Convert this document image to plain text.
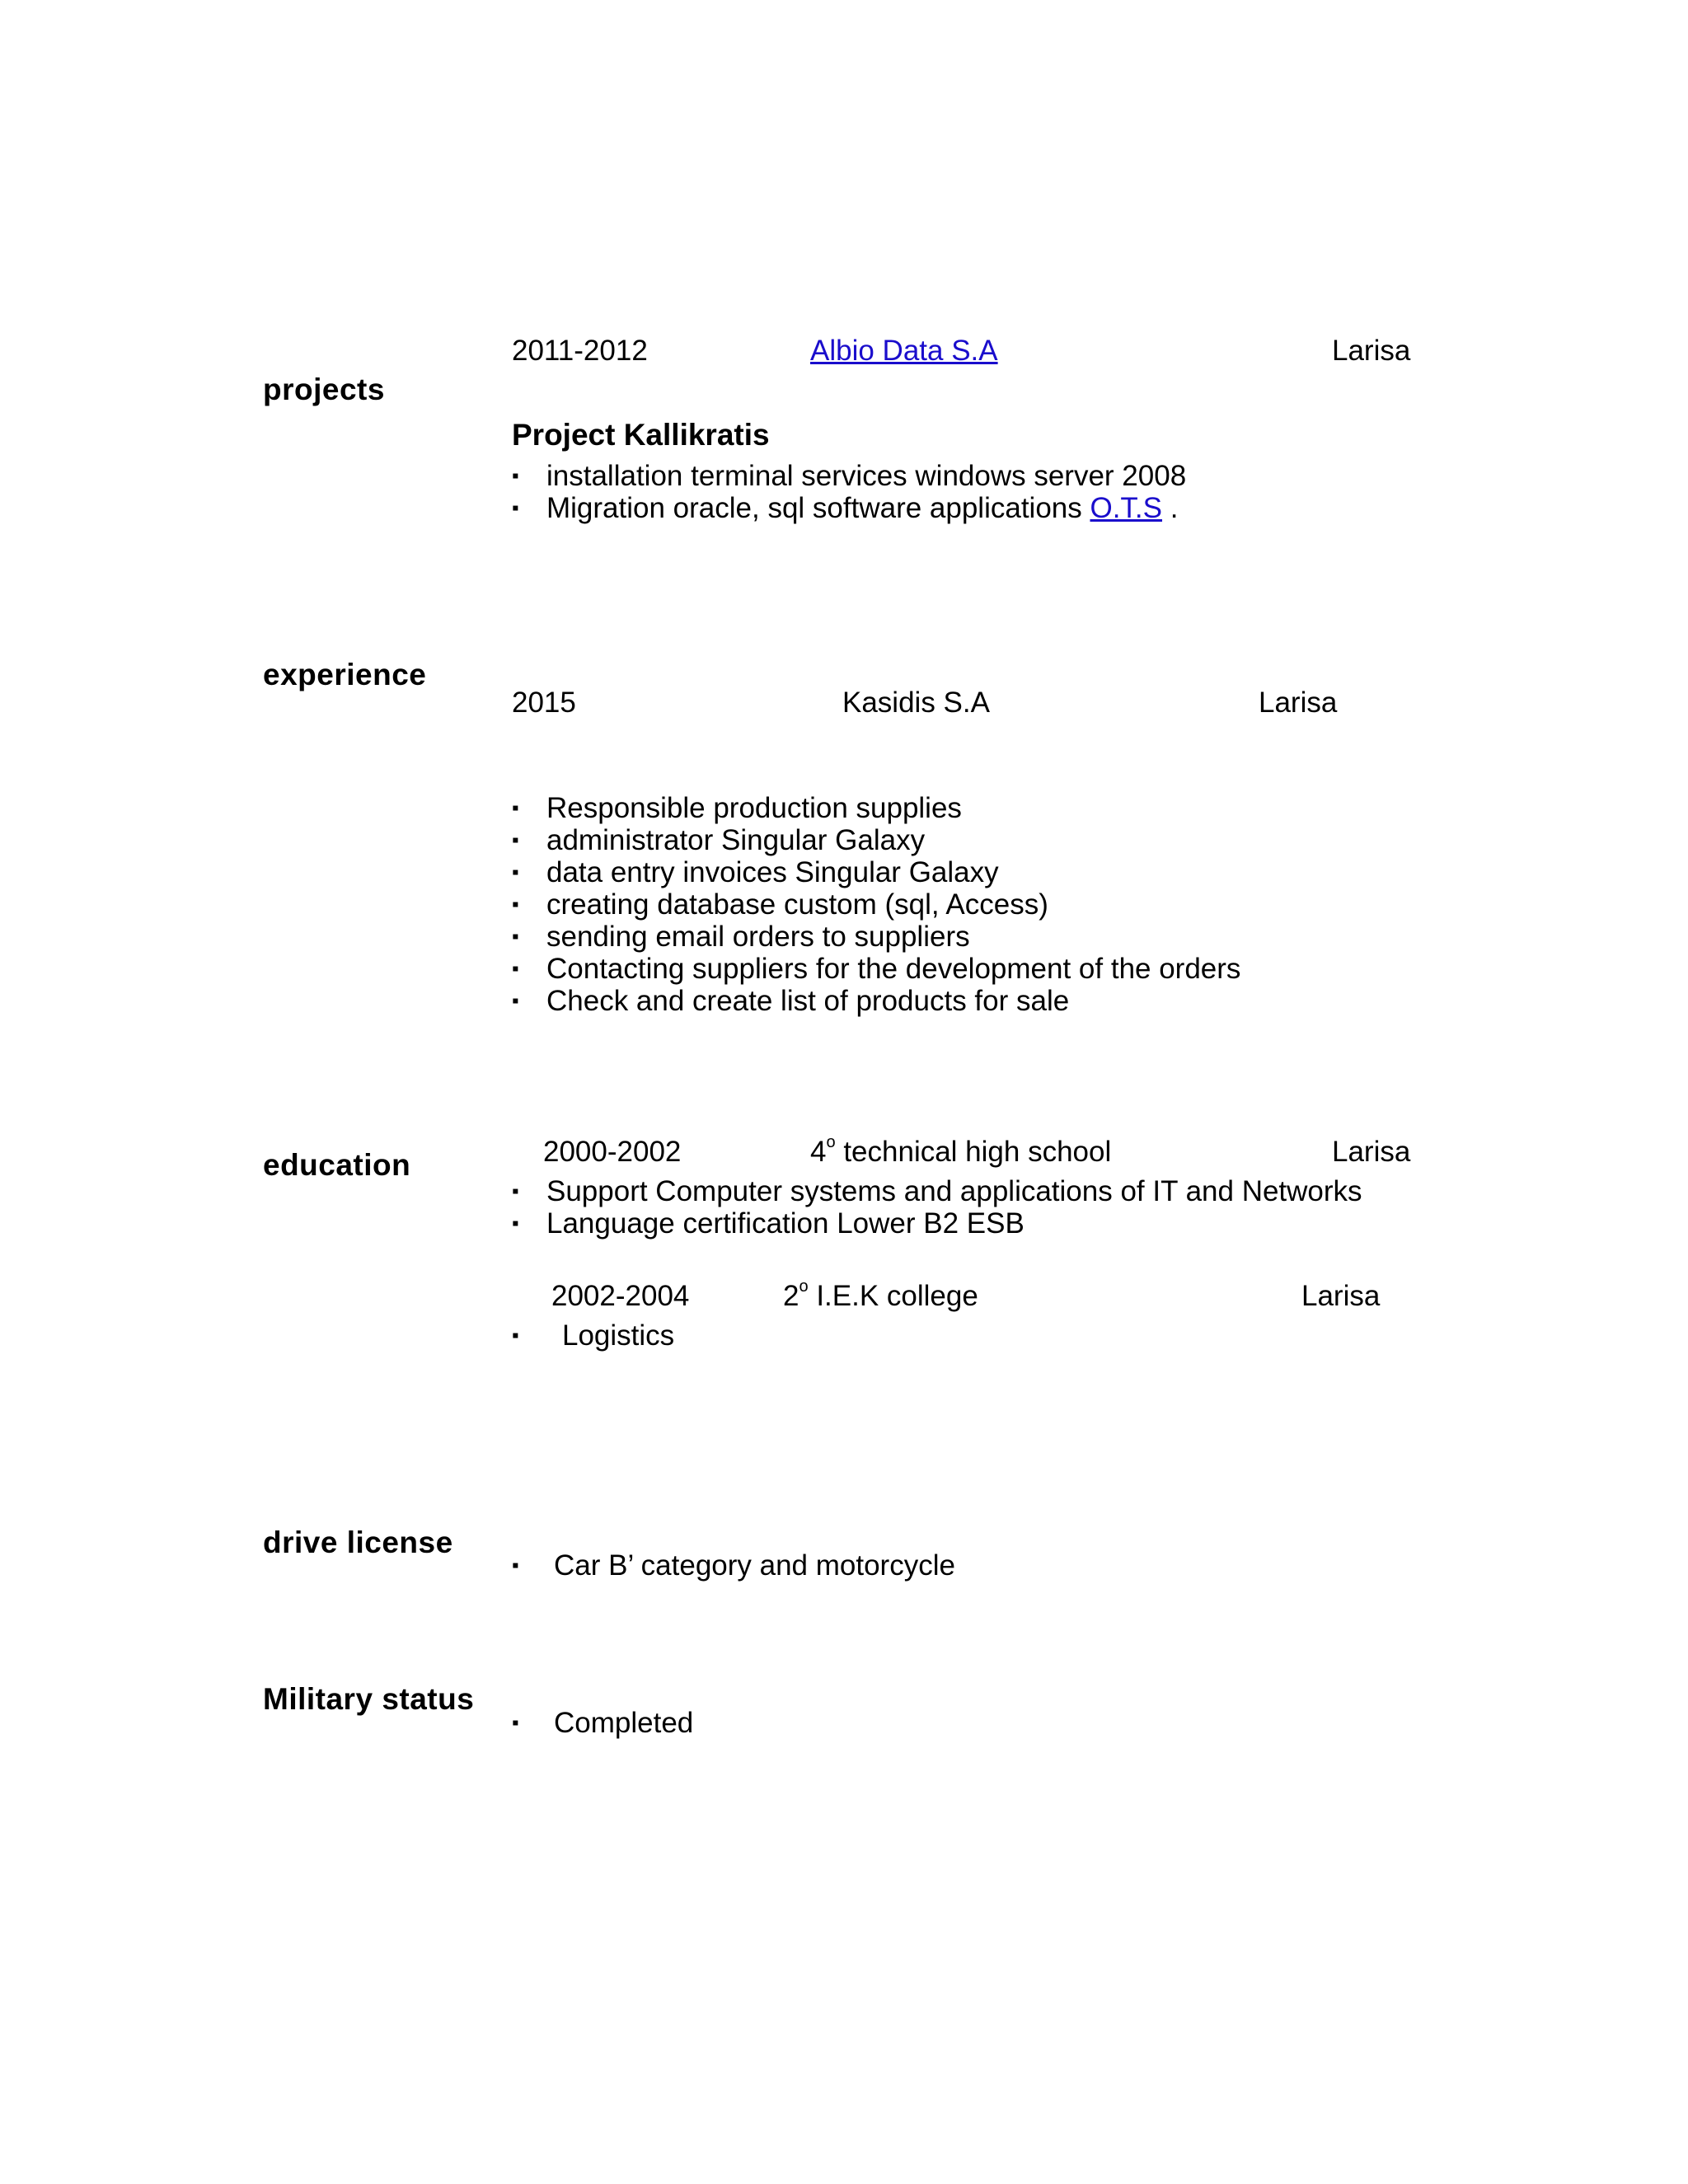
projects
2011-2012	Albio Data S.A	Larisa
Project Kallikratis
▪ installation terminal services windows server 2008
▪ Migration oracle, sql software applications O.T.S .
experience
2015	Kasidis S.A	Larisa
▪ Responsible production supplies
▪ administrator Singular Galaxy
▪ data entry invoices Singular Galaxy
▪ creating database custom (sql, Access)
▪ sending email orders to suppliers
▪ Contacting suppliers for the development of the orders
▪ Check and create list of products for sale
education	2000-2002	4$^o$ technical high school	Larisa
▪ Support Computer systems and applications of IT and Networks
▪ Language certification Lower B2 ESB
2002-2004	2$^o$ I.E.K college	Larisa
▪ Logistics
drive license
▪ Car B’ category and motorcycle
Military status
▪ Completed
